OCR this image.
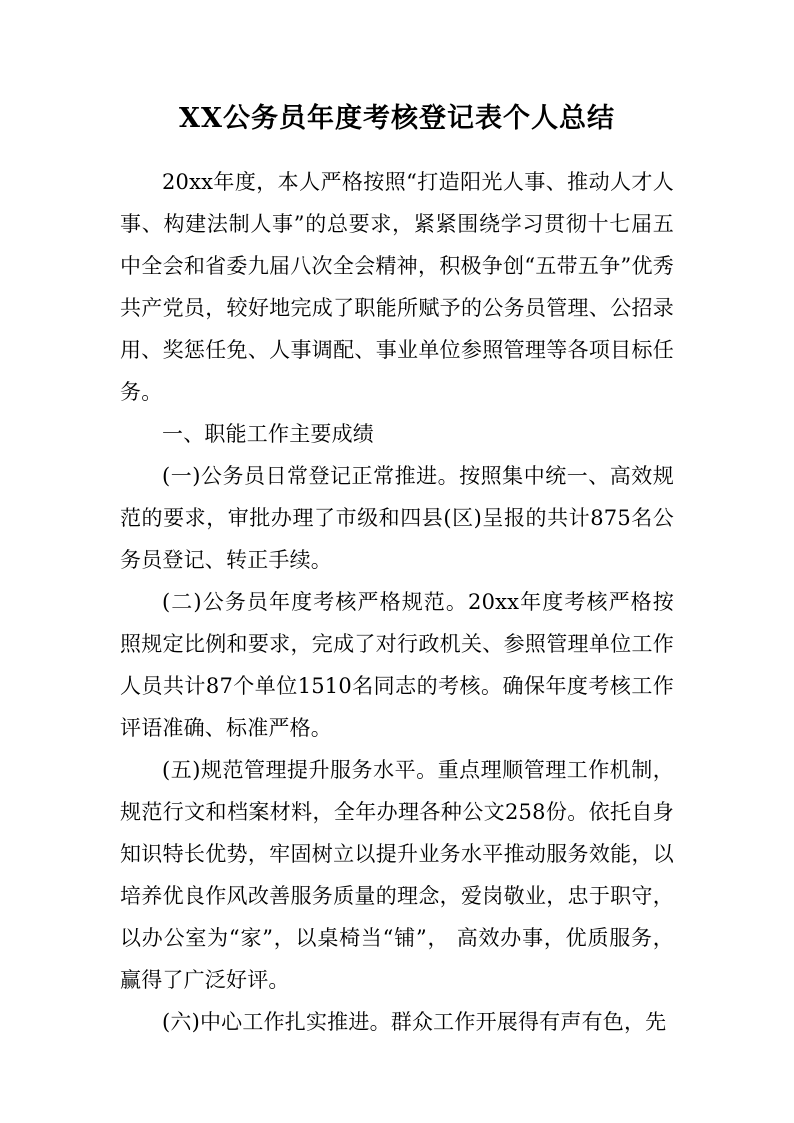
XX公务员年度考核登记表个人总结

20xx年度，本人严格按照“打造阳光人事、推动人才人事、构建法制人事”的总要求，紧紧围绕学习贯彻十七届五中全会和省委九届八次全会精神，积极争创“五带五争”优秀共产党员，较好地完成了职能所赋予的公务员管理、公招录用、奖惩任免、人事调配、事业单位参照管理等各项目标任务。

一、职能工作主要成绩

(一)公务员日常登记正常推进。按照集中统一、高效规范的要求，审批办理了市级和四县(区)呈报的共计875名公务员登记、转正手续。

(二)公务员年度考核严格规范。20xx年度考核严格按照规定比例和要求，完成了对行政机关、参照管理单位工作人员共计87个单位1510名同志的考核。确保年度考核工作评语准确、标准严格。

(五)规范管理提升服务水平。重点理顺管理工作机制，规范行文和档案材料，全年办理各种公文258份。依托自身知识特长优势，牢固树立以提升业务水平推动服务效能，以培养优良作风改善服务质量的理念，爱岗敬业，忠于职守，以办公室为“家”，以桌椅当“铺”， 高效办事，优质服务，赢得了广泛好评。

(六)中心工作扎实推进。群众工作开展得有声有色，先
